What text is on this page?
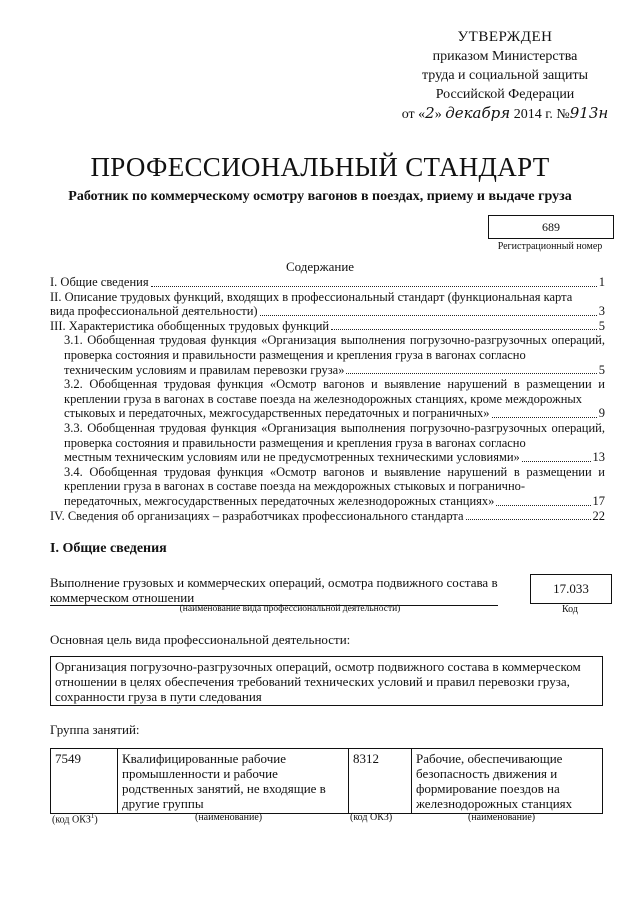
УТВЕРЖДЕН
приказом Министерства
труда и социальной защиты
Российской Федерации
от «2» декабря 2014 г. №913н
ПРОФЕССИОНАЛЬНЫЙ СТАНДАРТ
Работник по коммерческому осмотру вагонов в поездах, приему и выдаче груза
689
Регистрационный номер
Содержание
I. Общие сведения	1
II. Описание трудовых функций, входящих в профессиональный стандарт (функциональная карта
вида профессиональной деятельности)	3
III. Характеристика обобщенных трудовых функций	5
3.1. Обобщенная трудовая функция «Организация выполнения погрузочно-разгрузочных операций, проверка состояния и правильности размещения и крепления груза в вагонах согласно
техническим условиям и правилам перевозки груза»	5
3.2. Обобщенная трудовая функция «Осмотр вагонов и выявление нарушений в размещении и креплении груза в вагонах в составе поезда на железнодорожных станциях, кроме междорожных
стыковых и передаточных, межгосударственных передаточных и пограничных»	9
3.3. Обобщенная трудовая функция «Организация выполнения погрузочно-разгрузочных операций, проверка состояния и правильности размещения и крепления груза в вагонах согласно
местным техническим условиям или не предусмотренных техническими условиями»	13
3.4. Обобщенная трудовая функция «Осмотр вагонов и выявление нарушений в размещении и креплении груза в вагонах в составе поезда на междорожных стыковых и погранично-
передаточных, межгосударственных передаточных железнодорожных станциях»	17
IV. Сведения об организациях – разработчиках профессионального стандарта	22
I. Общие сведения
Выполнение грузовых и коммерческих операций, осмотра подвижного состава в коммерческом отношении
(наименование вида профессиональной деятельности)
17.033
Код
Основная цель вида профессиональной деятельности:
Организация погрузочно-разгрузочных операций, осмотр подвижного состава в коммерческом отношении в целях обеспечения требований технических условий и правил перевозки груза, сохранности груза в пути следования
Группа занятий:
7549	Квалифицированные рабочие промышленности и рабочие родственных занятий, не входящие в другие группы	8312	Рабочие, обеспечивающие безопасность движения и формирование поездов на железнодорожных станциях
(код ОКЗ$^1$)	(наименование)	(код ОКЗ)	(наименование)
